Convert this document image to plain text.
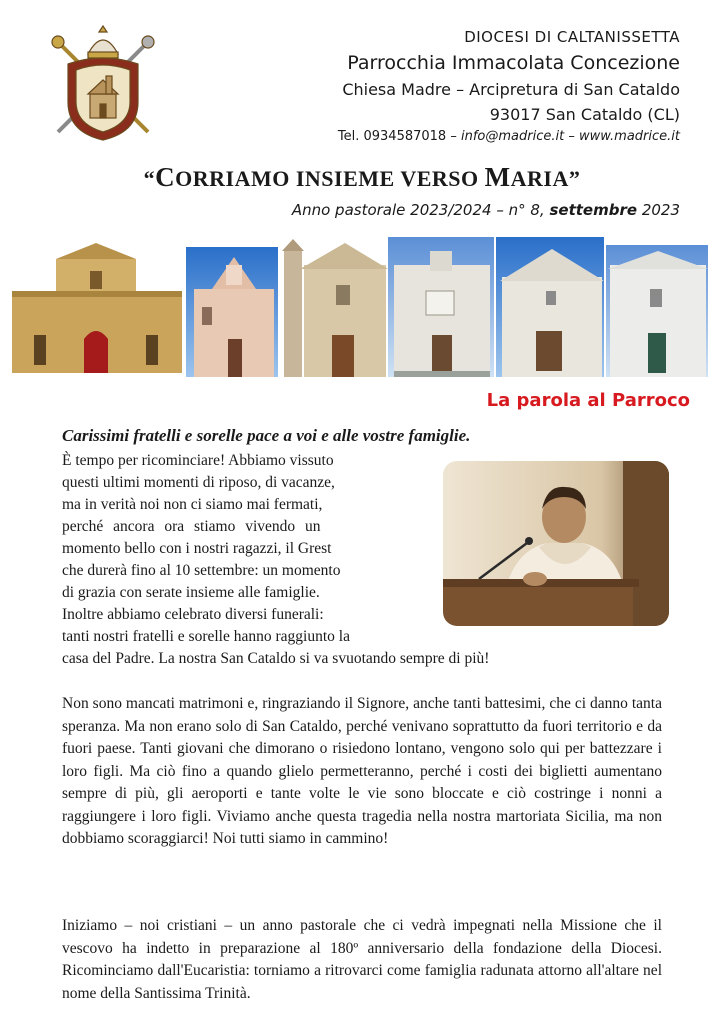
DIOCESI DI CALTANISSETTA
Parrocchia Immacolata Concezione
Chiesa Madre – Arcipretura di San Cataldo
93017 San Cataldo (CL)
Tel. 0934587018 – info@madrice.it – www.madrice.it
“CORRIAMO INSIEME VERSO MARIA”
Anno pastorale 2023/2024 – n° 8, settembre 2023
La parola al Parroco
Carissimi fratelli e sorelle pace a voi e alle vostre famiglie.
È tempo per ricominciare! Abbiamo vissuto
questi ultimi momenti di riposo, di vacanze,
ma in verità noi non ci siamo mai fermati,
perché ancora ora stiamo vivendo un
momento bello con i nostri ragazzi, il Grest
che durerà fino al 10 settembre: un momento
di grazia con serate insieme alle famiglie.
Inoltre abbiamo celebrato diversi funerali:
tanti nostri fratelli e sorelle hanno raggiunto la
casa del Padre. La nostra San Cataldo si va svuotando sempre di più!
Non sono mancati matrimoni e, ringraziando il Signore, anche tanti battesimi, che ci danno tanta speranza. Ma non erano solo di San Cataldo, perché venivano soprattutto da fuori territorio e da fuori paese. Tanti giovani che dimorano o risiedono lontano, vengono solo qui per battezzare i loro figli. Ma ciò fino a quando glielo permetteranno, perché i costi dei biglietti aumentano sempre di più, gli aeroporti e tante volte le vie sono bloccate e ciò costringe i nonni a raggiungere i loro figli. Viviamo anche questa tragedia nella nostra martoriata Sicilia, ma non dobbiamo scoraggiarci! Noi tutti siamo in cammino!
Iniziamo – noi cristiani – un anno pastorale che ci vedrà impegnati nella Missione che il vescovo ha indetto in preparazione al 180º anniversario della fondazione della Diocesi. Ricominciamo dall'Eucaristia: torniamo a ritrovarci come famiglia radunata attorno all'altare nel nome della Santissima Trinità.
